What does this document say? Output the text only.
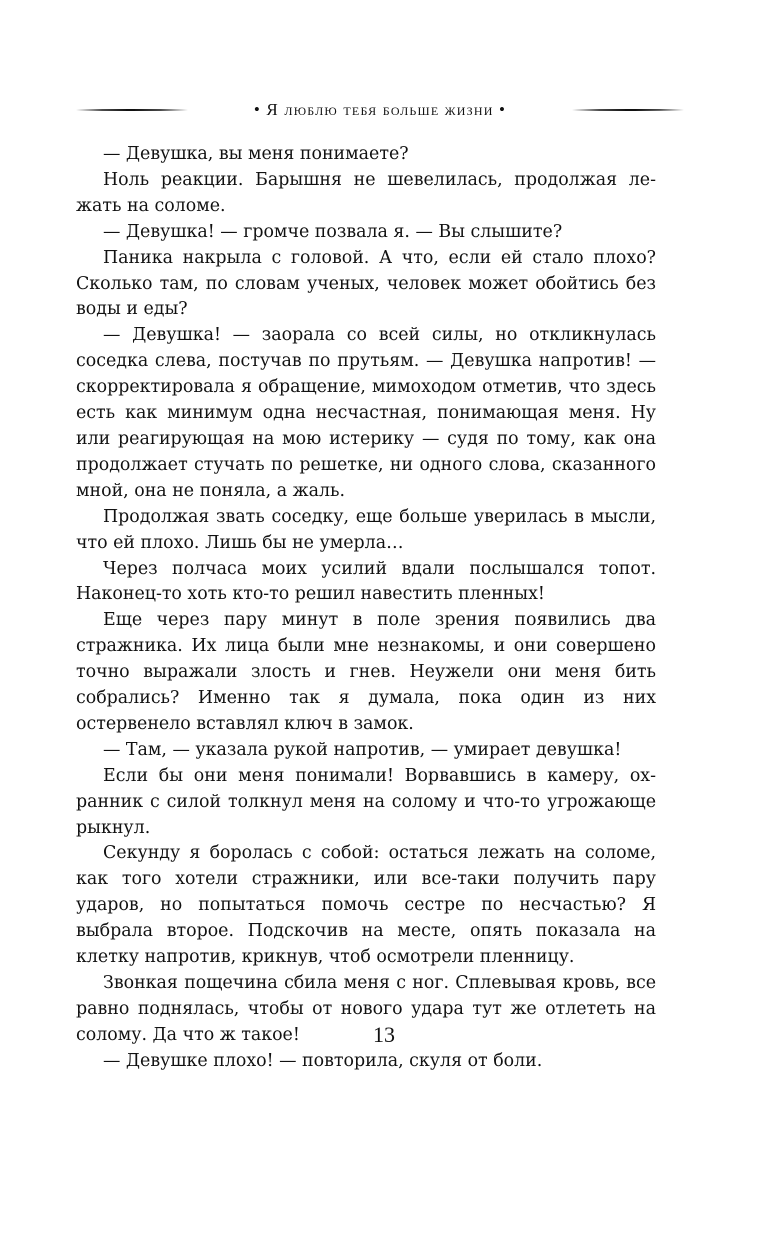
• Я люблю тебя больше жизни •

— Девушка, вы меня понимаете?

Ноль реакции. Барышня не шевелилась, продолжая лежать на соломе.

— Девушка! — громче позвала я. — Вы слышите?

Паника накрыла с головой. А что, если ей стало плохо? Сколько там, по словам ученых, человек может обойтись без воды и еды?

— Девушка! — заорала со всей силы, но откликнулась соседка слева, постучав по прутьям. — Девушка напротив! — скорректировала я обращение, мимоходом отметив, что здесь есть как минимум одна несчастная, понимающая меня. Ну или реагирующая на мою истерику — судя по тому, как она продолжает стучать по решетке, ни одного слова, сказанного мной, она не поняла, а жаль.

Продолжая звать соседку, еще больше уверилась в мысли, что ей плохо. Лишь бы не умерла…

Через полчаса моих усилий вдали послышался топот. Наконец-то хоть кто-то решил навестить пленных!

Еще через пару минут в поле зрения появились два стражника. Их лица были мне незнакомы, и они совершено точно выражали злость и гнев. Неужели они меня бить собрались? Именно так я думала, пока один из них остервенело вставлял ключ в замок.

— Там, — указала рукой напротив, — умирает девушка!

Если бы они меня понимали! Ворвавшись в камеру, охранник с силой толкнул меня на солому и что-то угрожающе рыкнул.

Секунду я боролась с собой: остаться лежать на соломе, как того хотели стражники, или все-таки получить пару ударов, но попытаться помочь сестре по несчастью? Я выбрала второе. Подскочив на месте, опять показала на клетку напротив, крикнув, чтоб осмотрели пленницу.

Звонкая пощечина сбила меня с ног. Сплевывая кровь, все равно поднялась, чтобы от нового удара тут же отлететь на солому. Да что ж такое!

— Девушке плохо! — повторила, скуля от боли.

13
